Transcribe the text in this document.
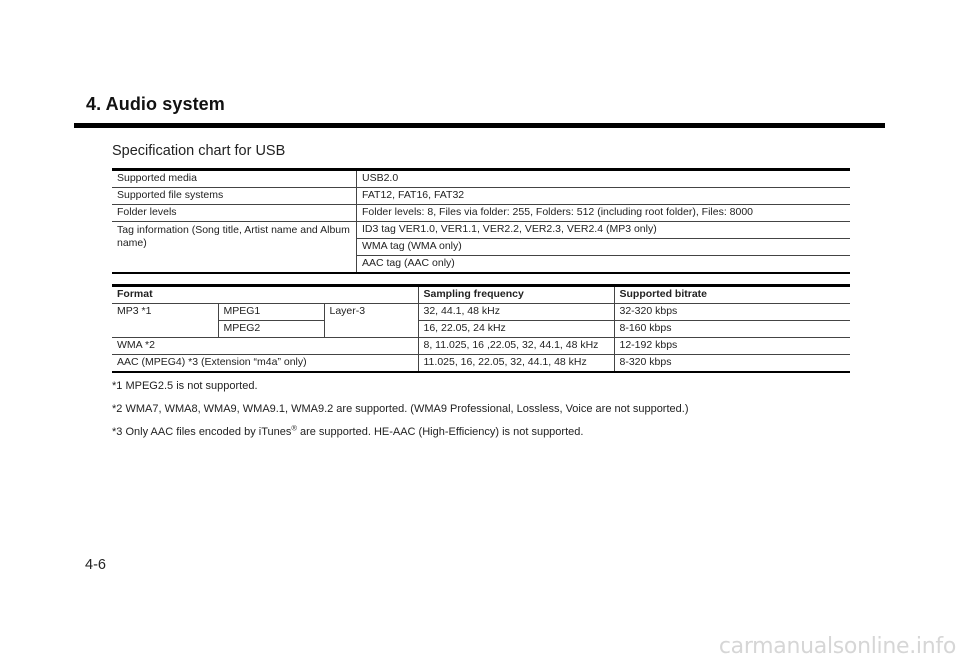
4. Audio system
Specification chart for USB
Supported media	USB2.0
Supported file systems	FAT12, FAT16, FAT32
Folder levels	Folder levels: 8, Files via folder: 255, Folders: 512 (including root folder), Files: 8000
Tag information (Song title, Artist name and Album name)	ID3 tag VER1.0, VER1.1, VER2.2, VER2.3, VER2.4 (MP3 only)
	WMA tag (WMA only)
	AAC tag (AAC only)
Format			Sampling frequency	Supported bitrate
MP3 *1	MPEG1	Layer-3	32, 44.1, 48 kHz	32-320 kbps
	MPEG2		16, 22.05, 24 kHz	8-160 kbps
WMA *2			8, 11.025, 16 ,22.05, 32, 44.1, 48 kHz	12-192 kbps
AAC (MPEG4) *3 (Extension “m4a” only)			11.025, 16, 22.05, 32, 44.1, 48 kHz	8-320 kbps

*1 MPEG2.5 is not supported.

*2 WMA7, WMA8, WMA9, WMA9.1, WMA9.2 are supported. (WMA9 Professional, Lossless, Voice are not supported.)

*3 Only AAC files encoded by iTunes® are supported. HE-AAC (High-Efficiency) is not supported.

4-6
carmanualsonline.info
